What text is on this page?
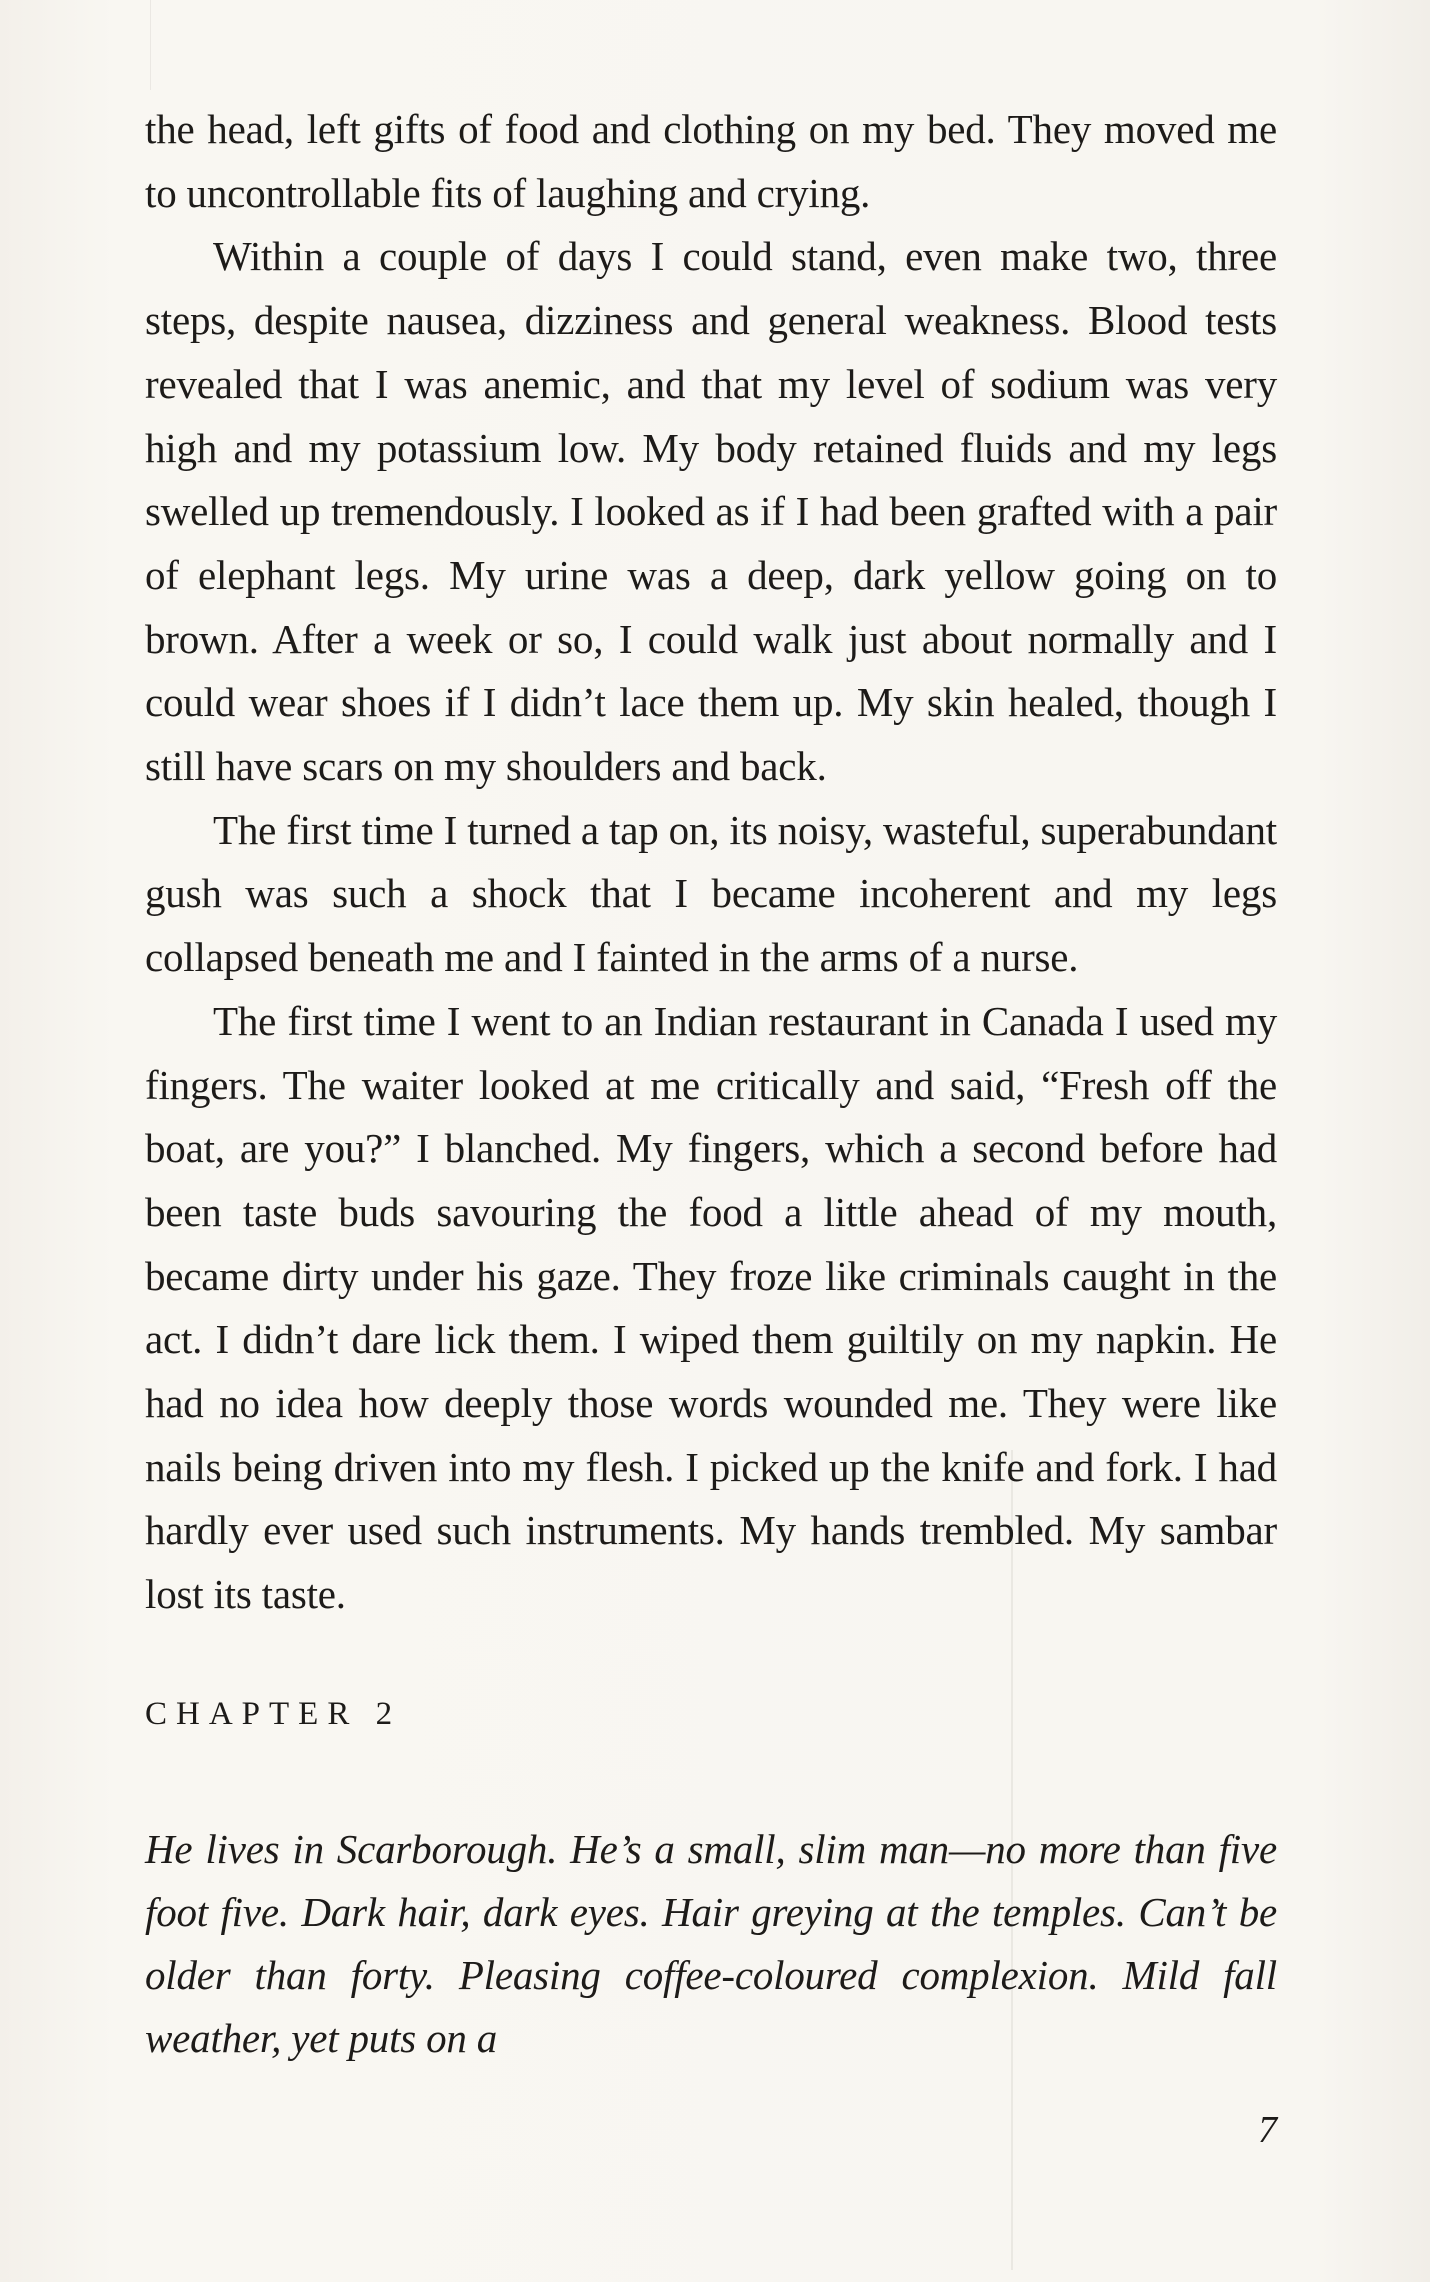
the head, left gifts of food and clothing on my bed. They moved me to uncontrollable fits of laughing and crying.

Within a couple of days I could stand, even make two, three steps, despite nausea, dizziness and general weakness. Blood tests revealed that I was anemic, and that my level of sodium was very high and my potassium low. My body retained fluids and my legs swelled up tremendously. I looked as if I had been grafted with a pair of elephant legs. My urine was a deep, dark yellow going on to brown. After a week or so, I could walk just about normally and I could wear shoes if I didn’t lace them up. My skin healed, though I still have scars on my shoulders and back.

The first time I turned a tap on, its noisy, wasteful, superabundant gush was such a shock that I became incoherent and my legs collapsed beneath me and I fainted in the arms of a nurse.

The first time I went to an Indian restaurant in Canada I used my fingers. The waiter looked at me critically and said, “Fresh off the boat, are you?” I blanched. My fingers, which a second before had been taste buds savouring the food a little ahead of my mouth, became dirty under his gaze. They froze like criminals caught in the act. I didn’t dare lick them. I wiped them guiltily on my napkin. He had no idea how deeply those words wounded me. They were like nails being driven into my flesh. I picked up the knife and fork. I had hardly ever used such instruments. My hands trembled. My sambar lost its taste.

CHAPTER 2

He lives in Scarborough. He’s a small, slim man—no more than five foot five. Dark hair, dark eyes. Hair greying at the temples. Can’t be older than forty. Pleasing coffee-coloured complexion. Mild fall weather, yet puts on a

7
